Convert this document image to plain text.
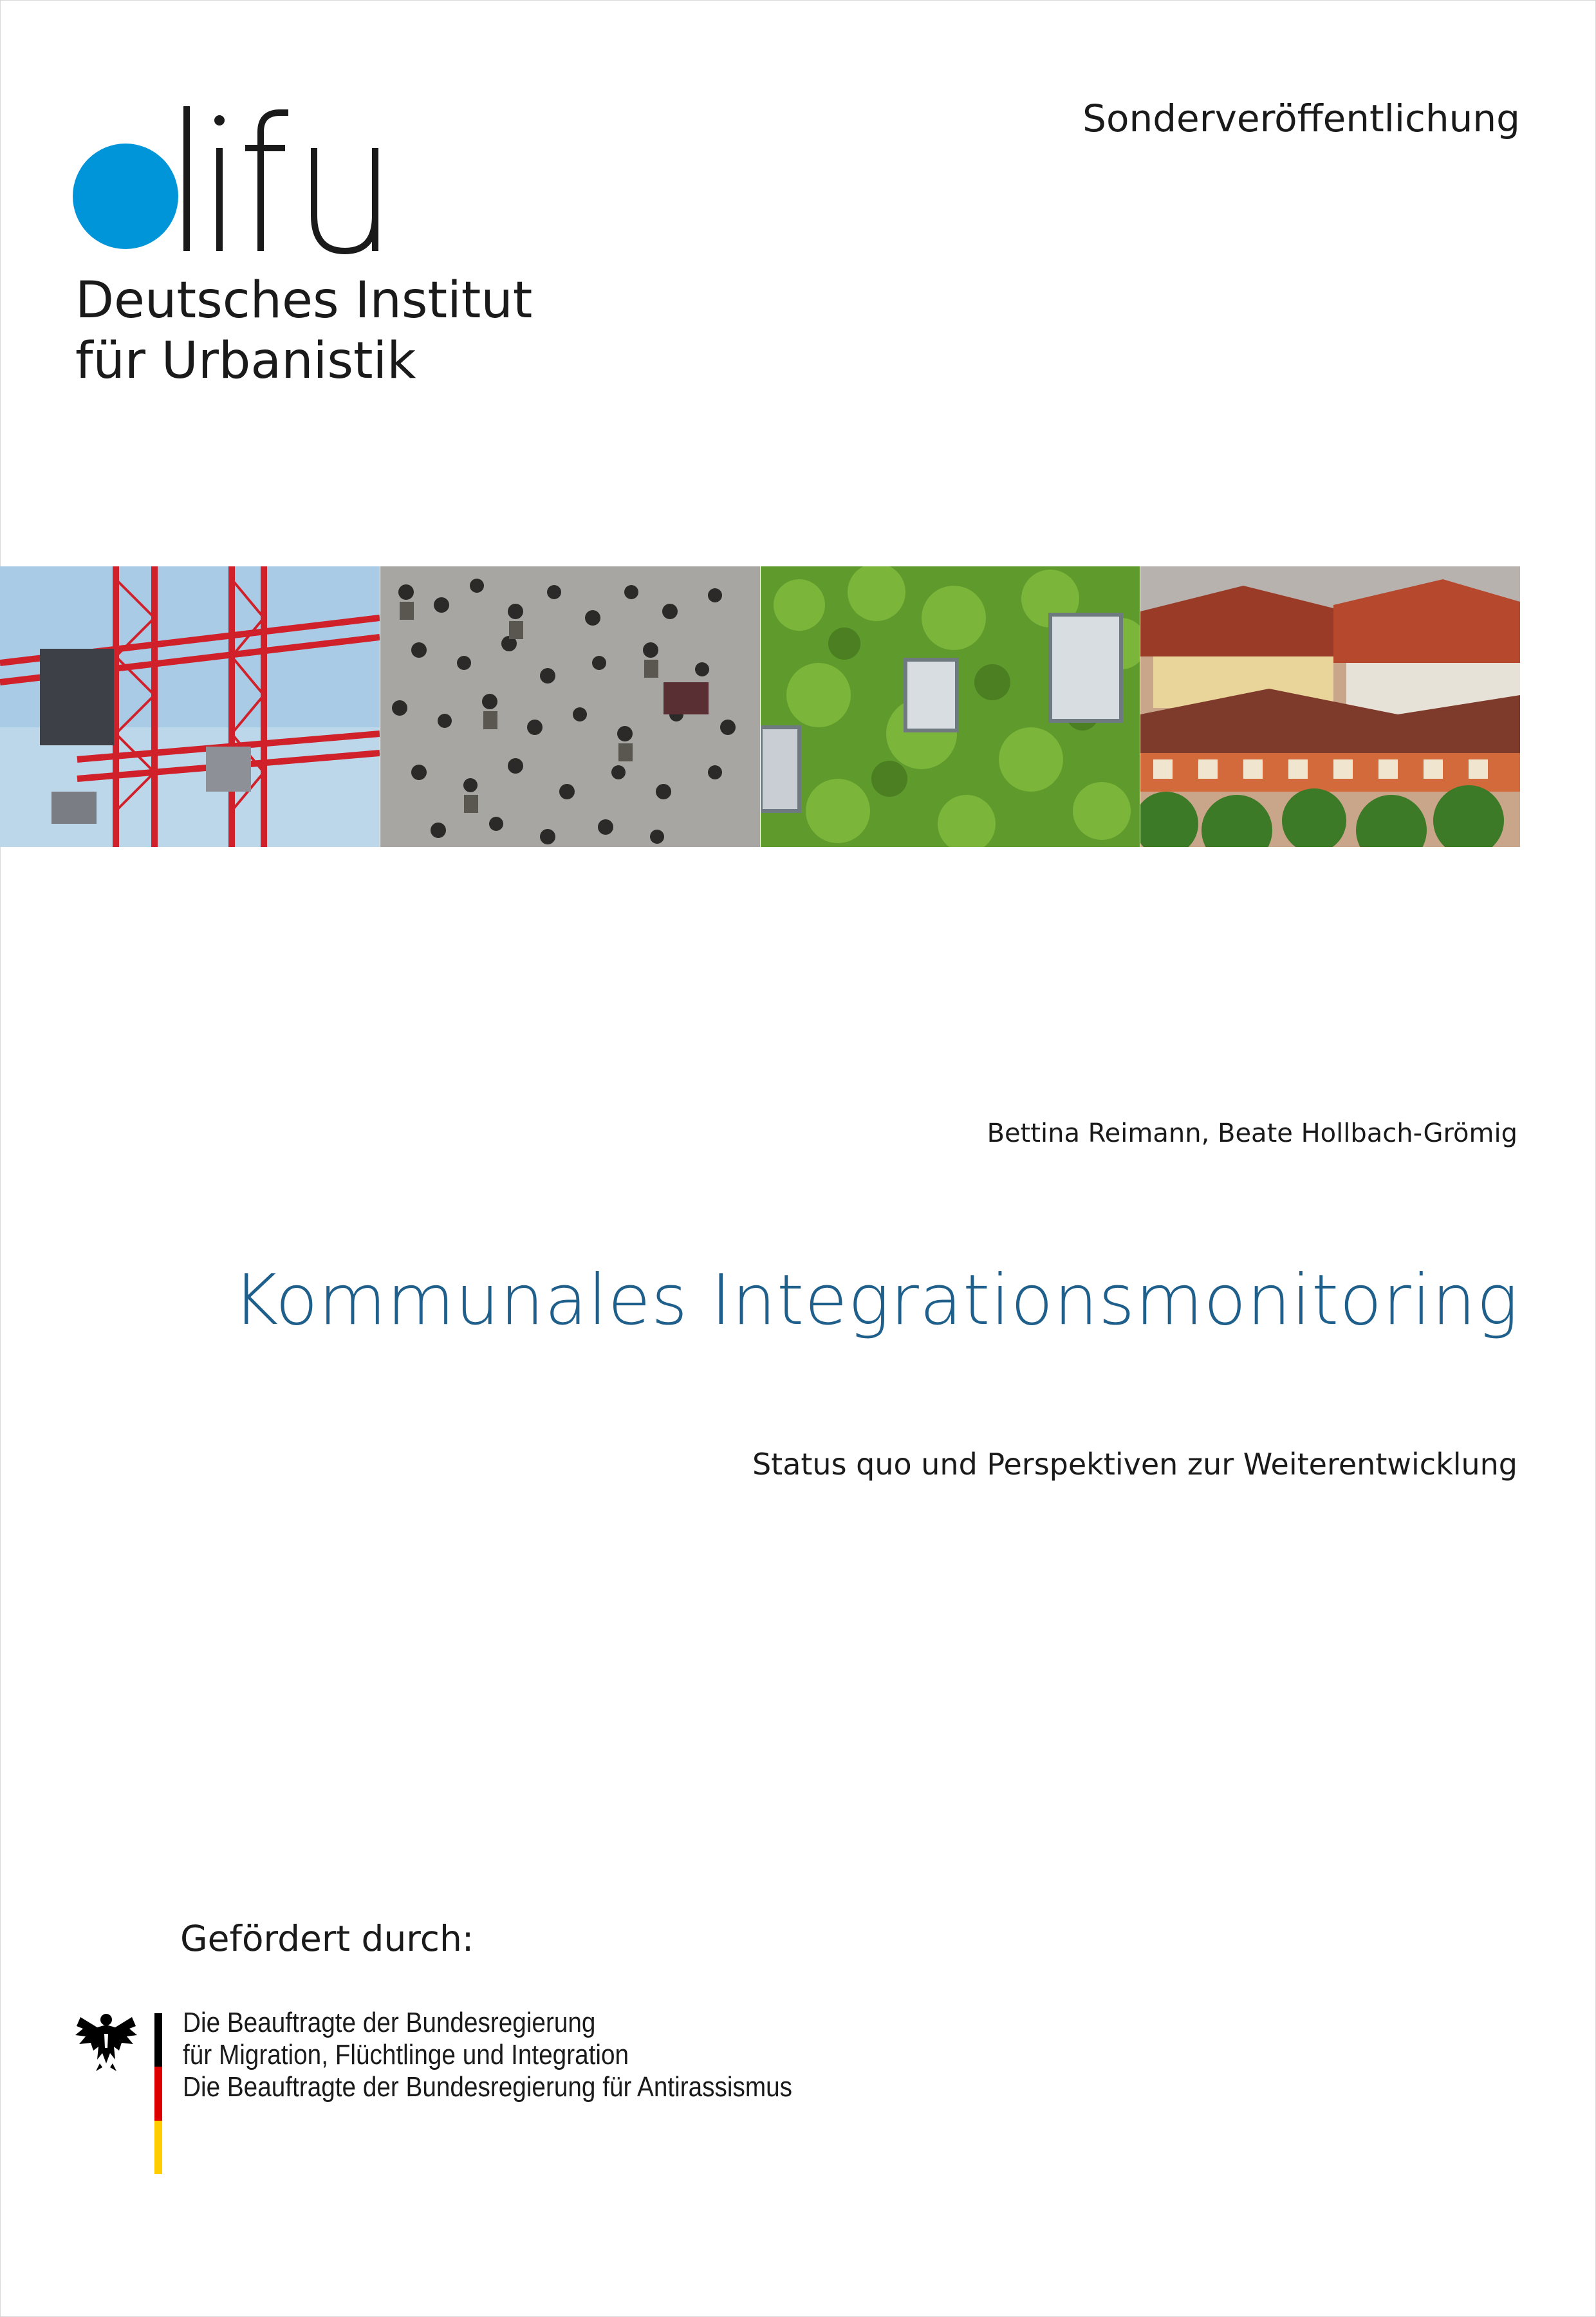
Deutsches Institut
für Urbanistik
Sonderveröffentlichung
Bettina Reimann, Beate Hollbach-Grömig
Kommunales Integrationsmonitoring
Status quo und Perspektiven zur Weiterentwicklung
Gefördert durch:
Die Beauftragte der Bundesregierung
für Migration, Flüchtlinge und Integration
Die Beauftragte der Bundesregierung für Antirassismus
